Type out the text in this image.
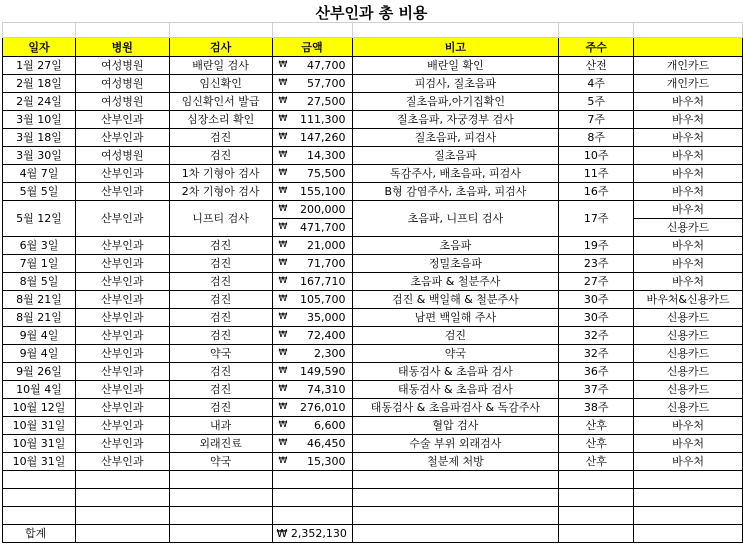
산부인과 총 비용

일자	병원	검사	금액	비고	주수	
1월 27일	여성병원	배란일 검사	₩ 47,700	배란일 확인	산전	개인카드
2월 18일	여성병원	임신확인	₩ 57,700	피검사, 질초음파	4주	개인카드
2월 24일	여성병원	임신확인서 발급	₩ 27,500	질초음파,아기집확인	5주	바우처
3월 10일	산부인과	심장소리 확인	₩ 111,300	질초음파, 자궁경부 검사	7주	바우처
3월 18일	산부인과	검진	₩ 147,260	질초음파, 피검사	8주	바우처
3월 30일	여성병원	검진	₩ 14,300	질초음파	10주	바우처
4월 7일	산부인과	1차 기형아 검사	₩ 75,500	독감주사, 배초음파, 피검사	11주	바우처
5월 5일	산부인과	2차 기형아 검사	₩ 155,100	B형 감염주사, 초음파, 피검사	16주	바우처
5월 12일	산부인과	니프티 검사	₩ 200,000	초음파, 니프티 검사	17주	바우처

			₩ 471,700			신용카드
6월 3일	산부인과	검진	₩ 21,000	초음파	19주	바우처
7월 1일	산부인과	검진	₩ 71,700	정밀초음파	23주	바우처
8월 5일	산부인과	검진	₩ 167,710	초음파 & 철분주사	27주	바우처
8월 21일	산부인과	검진	₩ 105,700	검진 & 백일해 & 철분주사	30주	바우처&신용카드
8월 21일	산부인과	검진	₩ 35,000	남편 백일해 주사	30주	신용카드
9월 4일	산부인과	검진	₩ 72,400	검진	32주	신용카드
9월 4일	산부인과	약국	₩ 2,300	약국	32주	신용카드
9월 26일	산부인과	검진	₩ 149,590	태동검사 & 초음파 검사	36주	신용카드
10월 4일	산부인과	검진	₩ 74,310	태동검사 & 초음파 검사	37주	신용카드
10월 12일	산부인과	검진	₩ 276,010	태동검사 & 초음파검사 & 독감주사	38주	신용카드
10월 31일	산부인과	내과	₩ 6,600	혈압 검사	산후	바우처
10월 31일	산부인과	외래진료	₩ 46,450	수술 부위 외래검사	산후	바우처
10월 31일	산부인과	약국	₩ 15,300	철분제 처방	산후	바우처

합계			₩ 2,352,130			
